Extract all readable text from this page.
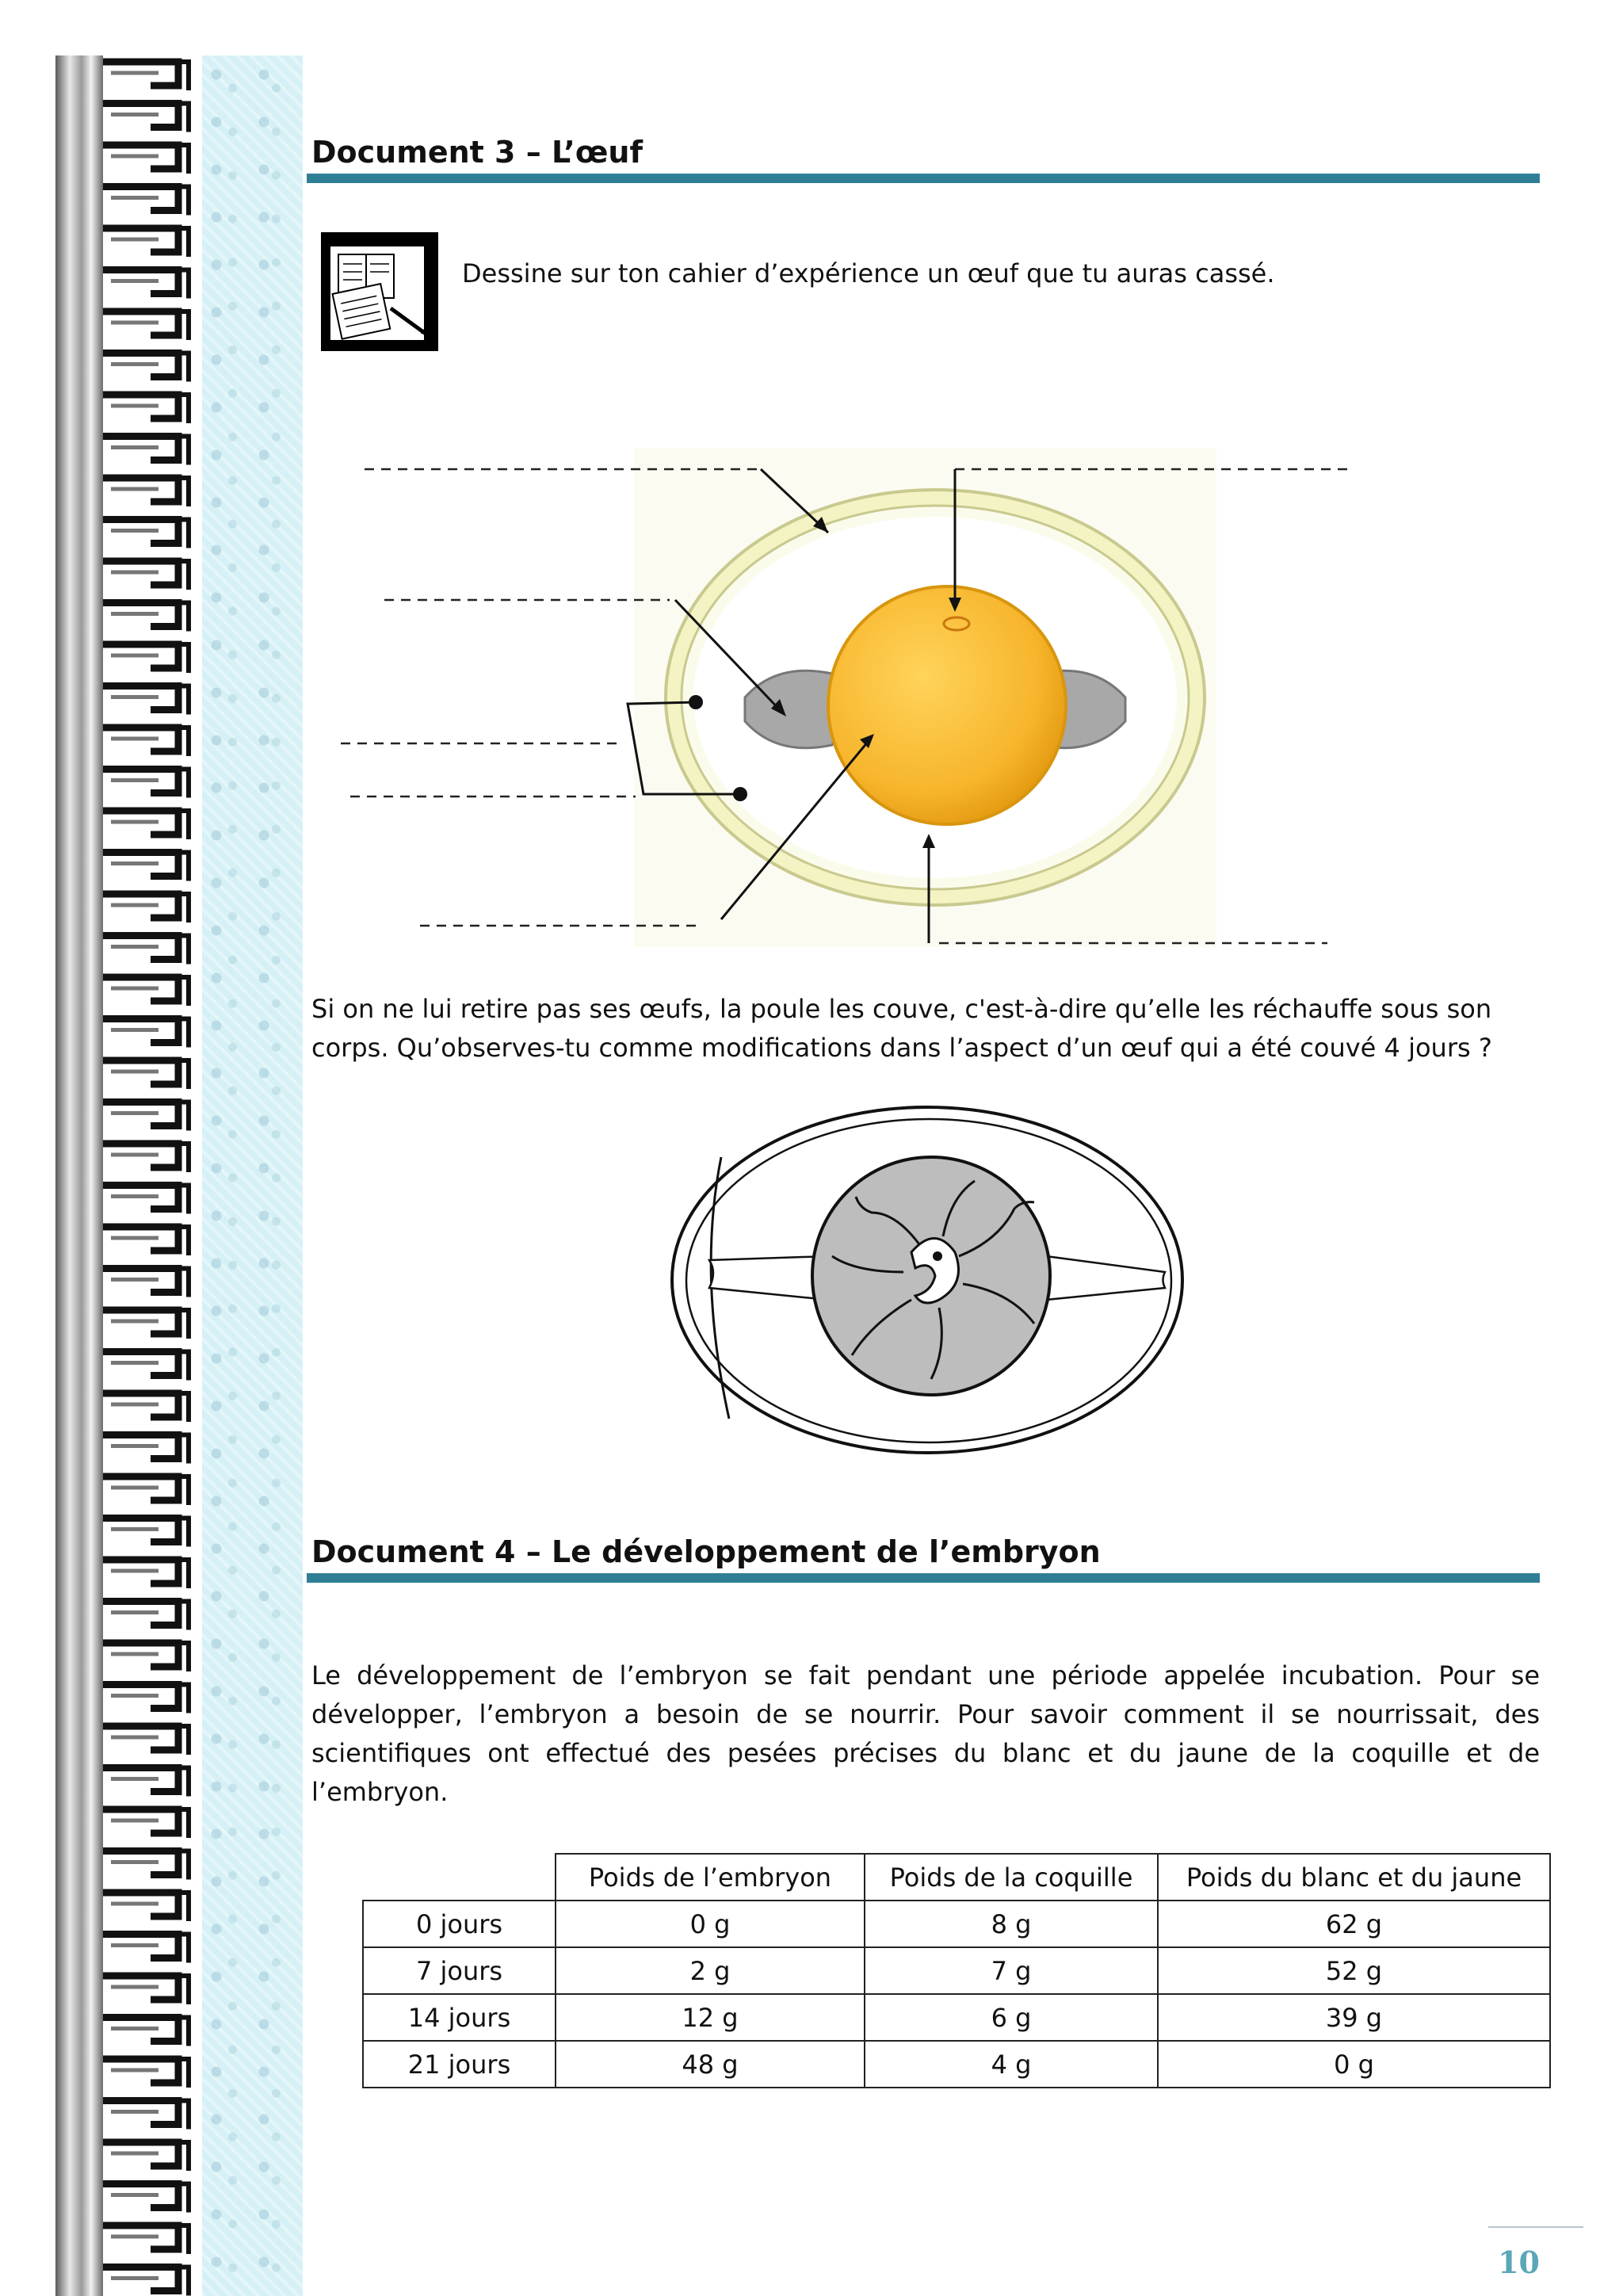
Document 3 – L’œuf

Dessine sur ton cahier d’expérience un œuf que tu auras cassé.

Si on ne lui retire pas ses œufs, la poule les couve, c'est-à-dire qu’elle les réchauffe sous son corps. Qu’observes-tu comme modifications dans l’aspect d’un œuf qui a été couvé 4 jours ?

Document 4 – Le développement de l’embryon

Le développement de l’embryon se fait pendant une période appelée incubation. Pour se développer, l’embryon a besoin de se nourrir. Pour savoir comment il se nourrissait, des scientifiques ont effectué des pesées précises du blanc et du jaune de la coquille et de l’embryon.

	Poids de l’embryon	Poids de la coquille	Poids du blanc et du jaune
0 jours	0 g	8 g	62 g
7 jours	2 g	7 g	52 g
14 jours	12 g	6 g	39 g
21 jours	48 g	4 g	0 g

10
